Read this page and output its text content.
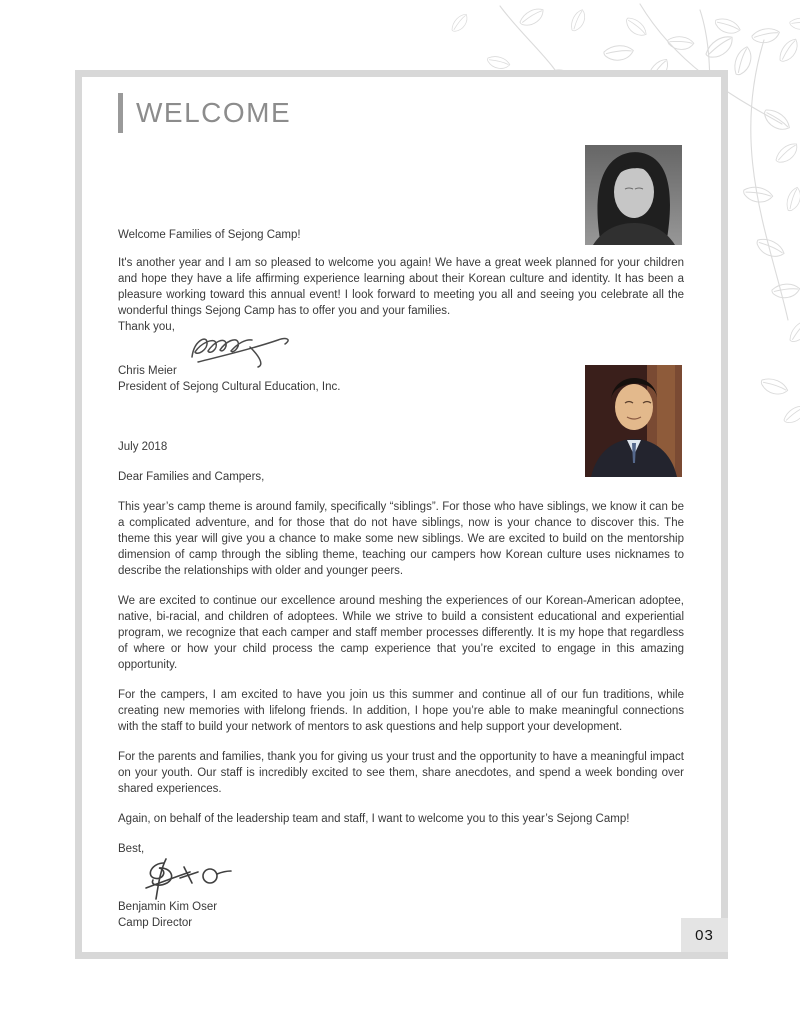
WELCOME

Welcome Families of Sejong Camp!

It's another year and I am so pleased to welcome you again! We have a great week planned for your children and hope they have a life affirming experience learning about their Korean culture and identity. It has been a pleasure working toward this annual event! I look forward to meeting you all and seeing you celebrate all the wonderful things Sejong Camp has to offer you and your families.

Thank you,

Chris Meier

President of Sejong Cultural Education, Inc.

July 2018

Dear Families and Campers,

This year’s camp theme is around family, specifically “siblings”. For those who have siblings, we know it can be a complicated adventure, and for those that do not have siblings, now is your chance to discover this. The theme this year will give you a chance to make some new siblings. We are excited to build on the mentorship dimension of camp through the sibling theme, teaching our campers how Korean culture uses nicknames to describe the relationships with older and younger peers.

We are excited to continue our excellence around meshing the experiences of our Korean-American adoptee, native, bi-racial, and children of adoptees. While we strive to build a consistent educational and experiential program, we recognize that each camper and staff member processes differently. It is my hope that regardless of where or how your child process the camp experience that you’re excited to engage in this amazing opportunity.

For the campers, I am excited to have you join us this summer and continue all of our fun traditions, while creating new memories with lifelong friends. In addition, I hope you’re able to make meaningful connections with the staff to build your network of mentors to ask questions and help support your development.

For the parents and families, thank you for giving us your trust and the opportunity to have a meaningful impact on your youth. Our staff is incredibly excited to see them, share anecdotes, and spend a week bonding over shared experiences.

Again, on behalf of the leadership team and staff, I want to welcome you to this year’s Sejong Camp!

Best,

Benjamin Kim Oser

Camp Director

03
